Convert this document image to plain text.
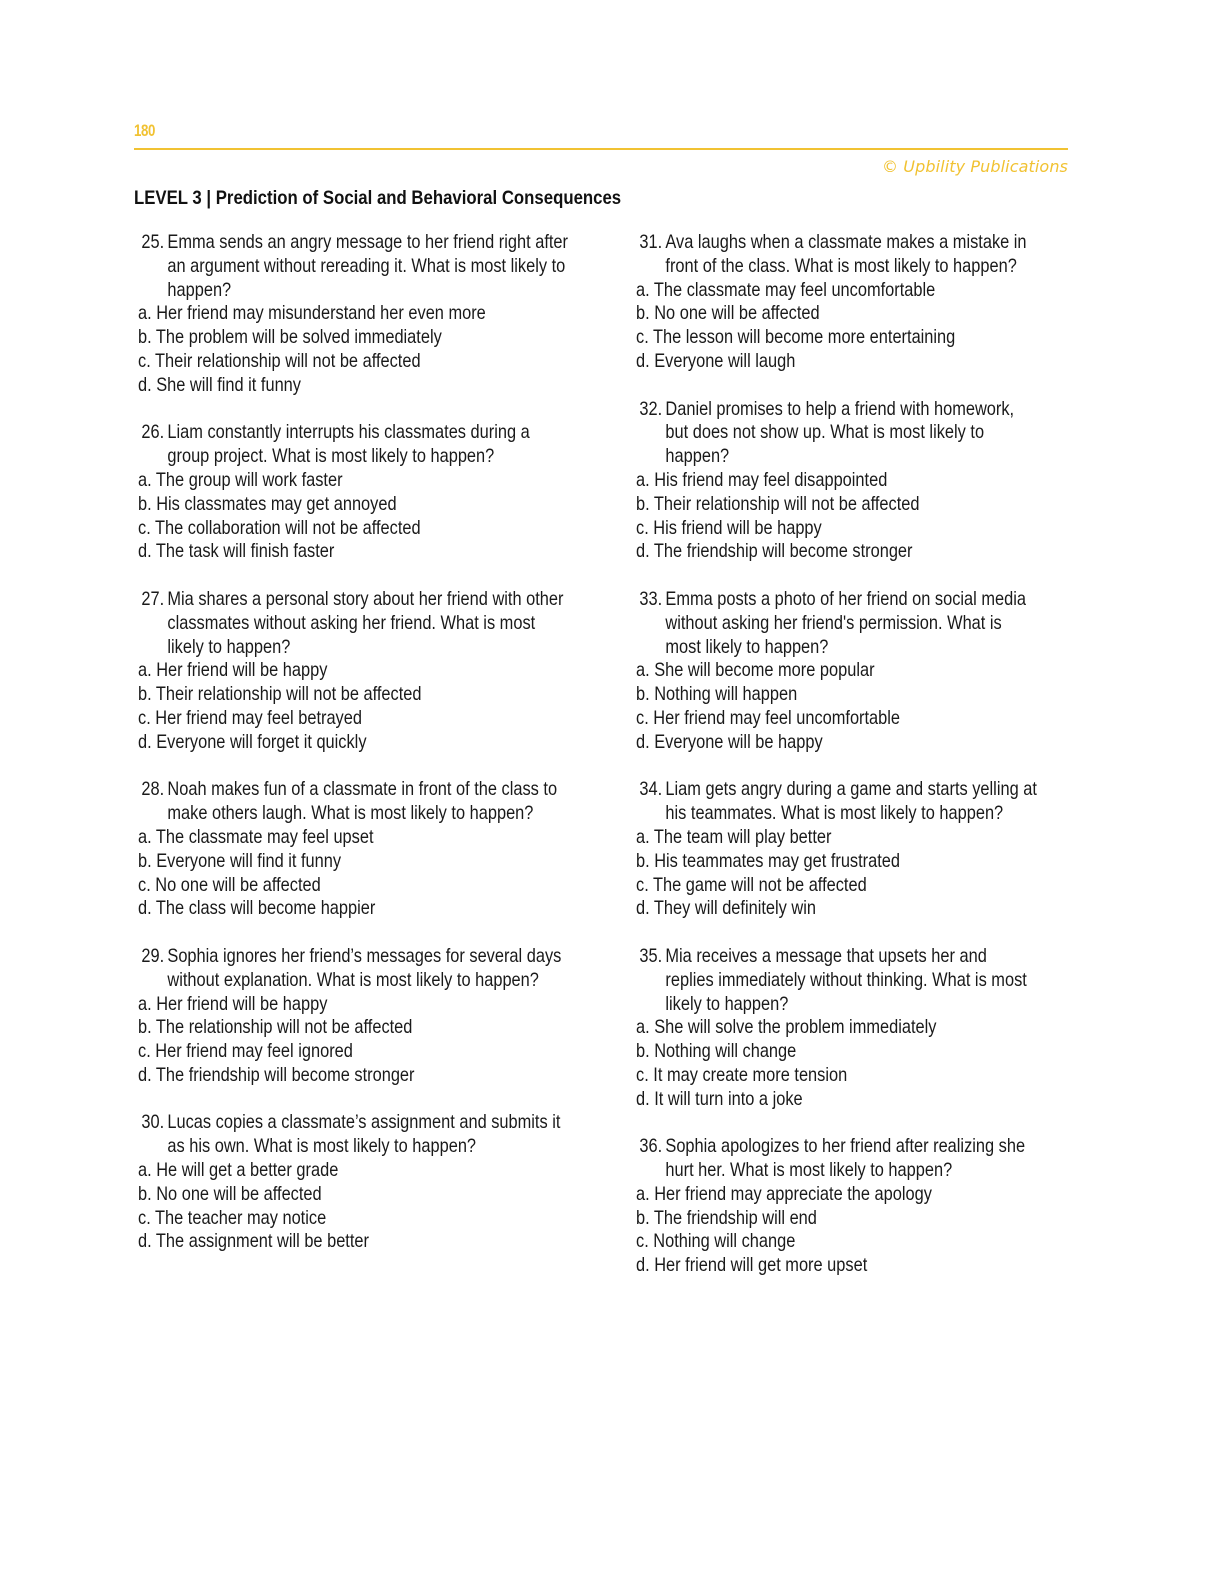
180
© Upbility Publications
LEVEL 3 | Prediction of Social and Behavioral Consequences
25. Emma sends an angry message to her friend right after
an argument without rereading it. What is most likely to
happen?
a. Her friend may misunderstand her even more
b. The problem will be solved immediately
c. Their relationship will not be affected
d. She will find it funny
26. Liam constantly interrupts his classmates during a
group project. What is most likely to happen?
a. The group will work faster
b. His classmates may get annoyed
c. The collaboration will not be affected
d. The task will finish faster
27. Mia shares a personal story about her friend with other
classmates without asking her friend. What is most
likely to happen?
a. Her friend will be happy
b. Their relationship will not be affected
c. Her friend may feel betrayed
d. Everyone will forget it quickly
28. Noah makes fun of a classmate in front of the class to
make others laugh. What is most likely to happen?
a. The classmate may feel upset
b. Everyone will find it funny
c. No one will be affected
d. The class will become happier
29. Sophia ignores her friend’s messages for several days
without explanation. What is most likely to happen?
a. Her friend will be happy
b. The relationship will not be affected
c. Her friend may feel ignored
d. The friendship will become stronger
30. Lucas copies a classmate’s assignment and submits it
as his own. What is most likely to happen?
a. He will get a better grade
b. No one will be affected
c. The teacher may notice
d. The assignment will be better
31. Ava laughs when a classmate makes a mistake in
front of the class. What is most likely to happen?
a. The classmate may feel uncomfortable
b. No one will be affected
c. The lesson will become more entertaining
d. Everyone will laugh
32. Daniel promises to help a friend with homework,
but does not show up. What is most likely to
happen?
a. His friend may feel disappointed
b. Their relationship will not be affected
c. His friend will be happy
d. The friendship will become stronger
33. Emma posts a photo of her friend on social media
without asking her friend's permission. What is
most likely to happen?
a. She will become more popular
b. Nothing will happen
c. Her friend may feel uncomfortable
d. Everyone will be happy
34. Liam gets angry during a game and starts yelling at
his teammates. What is most likely to happen?
a. The team will play better
b. His teammates may get frustrated
c. The game will not be affected
d. They will definitely win
35. Mia receives a message that upsets her and
replies immediately without thinking. What is most
likely to happen?
a. She will solve the problem immediately
b. Nothing will change
c. It may create more tension
d. It will turn into a joke
36. Sophia apologizes to her friend after realizing she
hurt her. What is most likely to happen?
a. Her friend may appreciate the apology
b. The friendship will end
c. Nothing will change
d. Her friend will get more upset
